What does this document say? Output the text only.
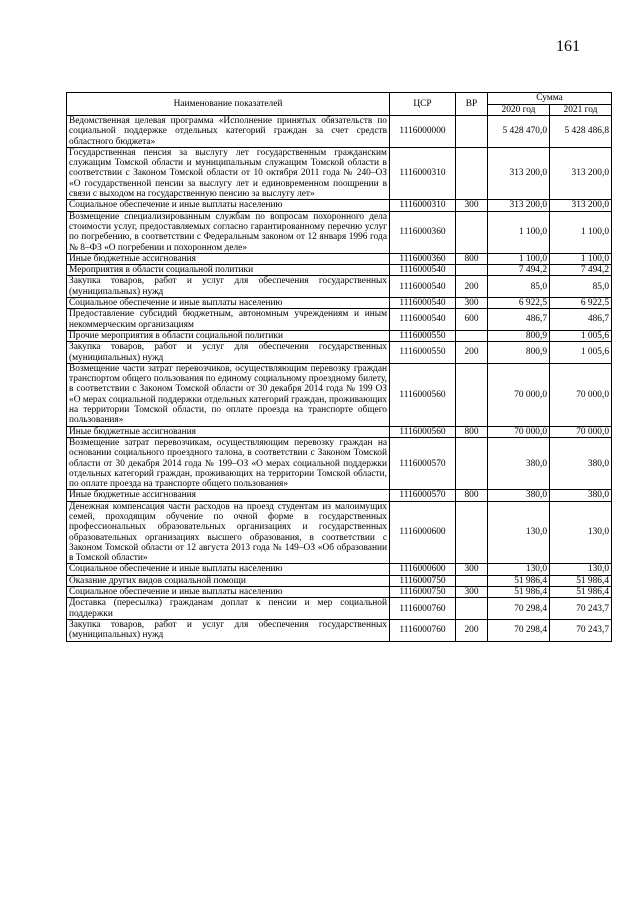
161
Наименование показателей	ЦСР	ВР	Сумма	
			2020 год	2021 год
Ведомственная целевая программа «Исполнение принятых обязательств по социальной поддержке отдельных категорий граждан за счет средств областного бюджета»	1116000000		5 428 470,0	5 428 486,8
Государственная пенсия за выслугу лет государственным гражданским служащим Томской области и муниципальным служащим Томской области в соответствии с Законом Томской области от 10 октября 2011 года № 240–ОЗ «О государственной пенсии за выслугу лет и единовременном поощрении в связи с выходом на государственную пенсию за выслугу лет»	1116000310		313 200,0	313 200,0
Социальное обеспечение и иные выплаты населению	1116000310	300	313 200,0	313 200,0
Возмещение специализированным службам по вопросам похоронного дела стоимости услуг, предоставляемых согласно гарантированному перечню услуг по погребению, в соответствии с Федеральным законом от 12 января 1996 года № 8–ФЗ «О погребении и похоронном деле»	1116000360		1 100,0	1 100,0
Иные бюджетные ассигнования	1116000360	800	1 100,0	1 100,0
Мероприятия в области социальной политики	1116000540		7 494,2	7 494,2
Закупка товаров, работ и услуг для обеспечения государственных (муниципальных) нужд	1116000540	200	85,0	85,0
Социальное обеспечение и иные выплаты населению	1116000540	300	6 922,5	6 922,5
Предоставление субсидий бюджетным, автономным учреждениям и иным некоммерческим организациям	1116000540	600	486,7	486,7
Прочие мероприятия в области социальной политики	1116000550		800,9	1 005,6
Закупка товаров, работ и услуг для обеспечения государственных (муниципальных) нужд	1116000550	200	800,9	1 005,6
Возмещение части затрат перевозчиков, осуществляющим перевозку граждан транспортом общего пользования по единому социальному проездному билету, в соответствии с Законом Томской области от 30 декабря 2014 года № 199 ОЗ «О мерах социальной поддержки отдельных категорий граждан, проживающих на территории Томской области, по оплате проезда на транспорте общего пользования»	1116000560		70 000,0	70 000,0
Иные бюджетные ассигнования	1116000560	800	70 000,0	70 000,0
Возмещение затрат перевозчикам, осуществляющим перевозку граждан на основании социального проездного талона, в соответствии с Законом Томской области от 30 декабря 2014 года № 199–ОЗ «О мерах социальной поддержки отдельных категорий граждан, проживающих на территории Томской области, по оплате проезда на транспорте общего пользования»	1116000570		380,0	380,0
Иные бюджетные ассигнования	1116000570	800	380,0	380,0
Денежная компенсация части расходов на проезд студентам из малоимущих семей, проходящим обучение по очной форме в государственных профессиональных образовательных организациях и государственных образовательных организациях высшего образования, в соответствии с Законом Томской области от 12 августа 2013 года № 149–ОЗ «Об образовании в Томской области»	1116000600		130,0	130,0
Социальное обеспечение и иные выплаты населению	1116000600	300	130,0	130,0
Оказание других видов социальной помощи	1116000750		51 986,4	51 986,4
Социальное обеспечение и иные выплаты населению	1116000750	300	51 986,4	51 986,4
Доставка (пересылка) гражданам доплат к пенсии и мер социальной поддержки	1116000760		70 298,4	70 243,7
Закупка товаров, работ и услуг для обеспечения государственных (муниципальных) нужд	1116000760	200	70 298,4	70 243,7
